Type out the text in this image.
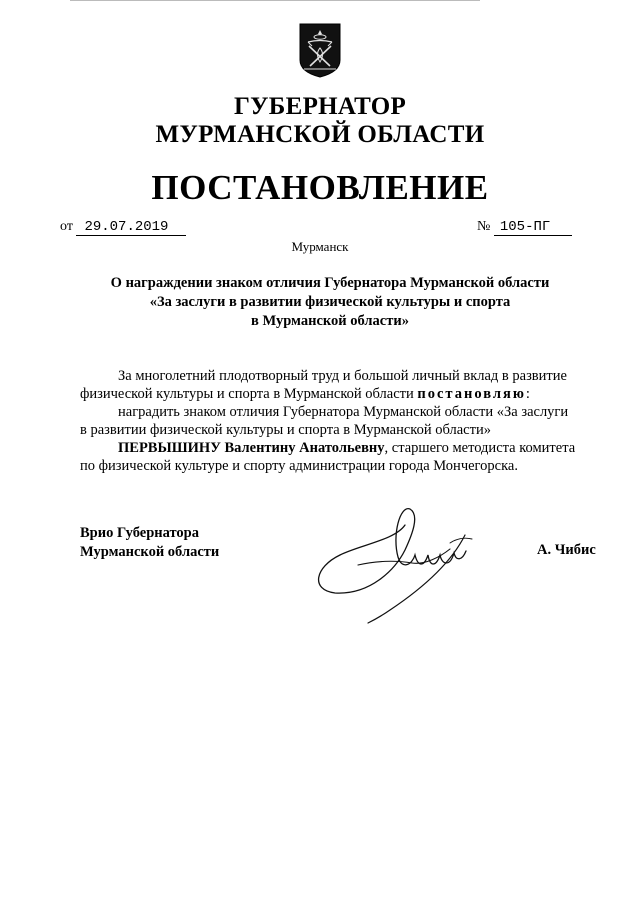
ГУБЕРНАТОР
МУРМАНСКОЙ ОБЛАСТИ
ПОСТАНОВЛЕНИЕ
от 29.07.2019	№ 105-ПГ
Мурманск
О награждении знаком отличия Губернатора Мурманской области
«За заслуги в развитии физической культуры и спорта
в Мурманской области»
За многолетний плодотворный труд и большой личный вклад в развитие
физической культуры и спорта в Мурманской области постановляю:
наградить знаком отличия Губернатора Мурманской области «За заслуги
в развитии физической культуры и спорта в Мурманской области»
ПЕРВЫШИНУ Валентину Анатольевну, старшего методиста комитета
по физической культуре и спорту администрации города Мончегорска.
Врио Губернатора
Мурманской области	А. Чибис
